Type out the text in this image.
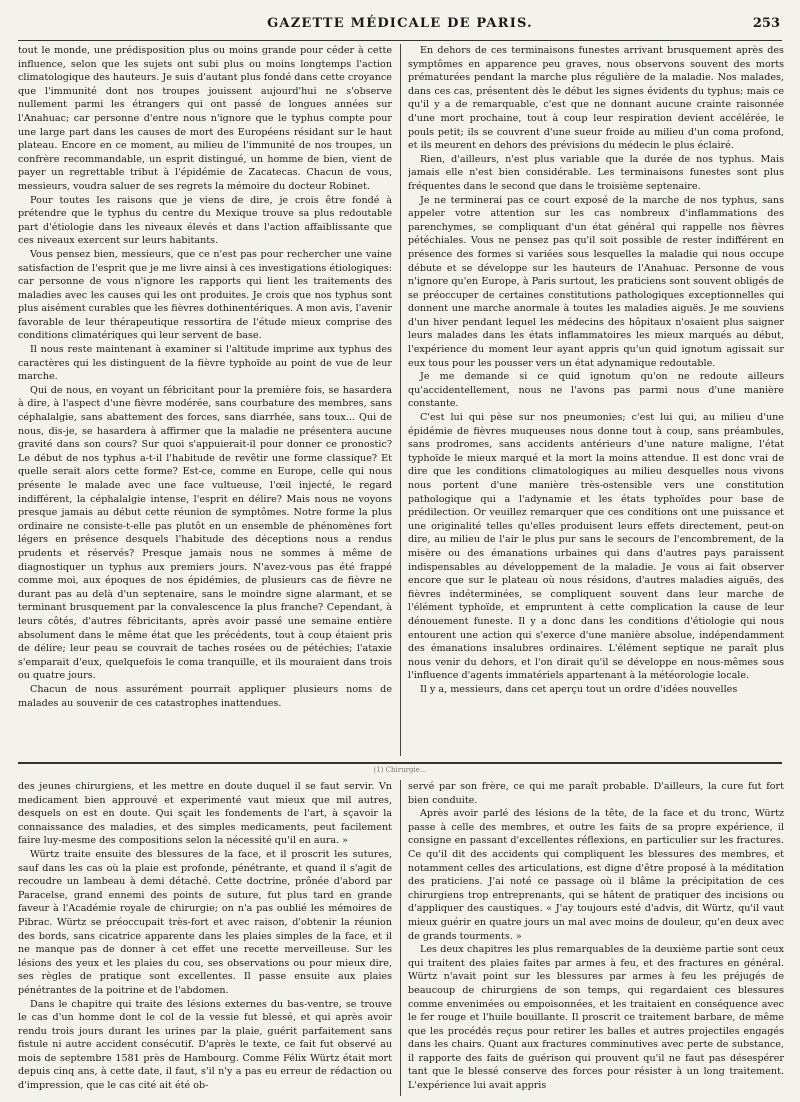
GAZETTE MÉDICALE DE PARIS.	253

tout le monde, une prédisposition plus ou moins grande pour céder à cette influence, selon que les sujets ont subi plus ou moins longtemps l'action climatologique des hauteurs. Je suis d'autant plus fondé dans cette croyance que l'immunité dont nos troupes jouissent aujourd'hui ne s'observe nullement parmi les étrangers qui ont passé de longues années sur l'Anahuac; car personne d'entre nous n'ignore que le typhus compte pour une large part dans les causes de mort des Européens résidant sur le haut plateau. Encore en ce moment, au milieu de l'immunité de nos troupes, un confrère recommandable, un esprit distingué, un homme de bien, vient de payer un regrettable tribut à l'épidémie de Zacatecas. Chacun de vous, messieurs, voudra saluer de ses regrets la mémoire du docteur Robinet.

Pour toutes les raisons que je viens de dire, je crois être fondé à prétendre que le typhus du centre du Mexique trouve sa plus redoutable part d'étiologie dans les niveaux élevés et dans l'action affaiblissante que ces niveaux exercent sur leurs habitants.

Vous pensez bien, messieurs, que ce n'est pas pour rechercher une vaine satisfaction de l'esprit que je me livre ainsi à ces investigations étiologiques: car personne de vous n'ignore les rapports qui lient les traitements des maladies avec les causes qui les ont produites. Je crois que nos typhus sont plus aisément curables que les fièvres dothinentériques. A mon avis, l'avenir favorable de leur thérapeutique ressortira de l'étude mieux comprise des conditions climatériques qui leur servent de base.

Il nous reste maintenant à examiner si l'altitude imprime aux typhus des caractères qui les distinguent de la fièvre typhoïde au point de vue de leur marche.

Qui de nous, en voyant un fébricitant pour la première fois, se hasardera à dire, à l'aspect d'une fièvre modérée, sans courbature des membres, sans céphalalgie, sans abattement des forces, sans diarrhée, sans toux... Qui de nous, dis-je, se hasardera à affirmer que la maladie ne présentera aucune gravité dans son cours? Sur quoi s'appuierait-il pour donner ce pronostic? Le début de nos typhus a-t-il l'habitude de revêtir une forme classique? Et quelle serait alors cette forme? Est-ce, comme en Europe, celle qui nous présente le malade avec une face vultueuse, l'œil injecté, le regard indifférent, la céphalalgie intense, l'esprit en délire? Mais nous ne voyons presque jamais au début cette réunion de symptômes. Notre forme la plus ordinaire ne consiste-t-elle pas plutôt en un ensemble de phénomènes fort légers en présence desquels l'habitude des déceptions nous a rendus prudents et réservés? Presque jamais nous ne sommes à même de diagnostiquer un typhus aux premiers jours. N'avez-vous pas été frappé comme moi, aux époques de nos épidémies, de plusieurs cas de fièvre ne durant pas au delà d'un septenaire, sans le moindre signe alarmant, et se terminant brusquement par la convalescence la plus franche? Cependant, à leurs côtés, d'autres fébricitants, après avoir passé une semaine entière absolument dans le même état que les précédents, tout à coup étaient pris de délire; leur peau se couvrait de taches rosées ou de pétéchies; l'ataxie s'emparait d'eux, quelquefois le coma tranquille, et ils mouraient dans trois ou quatre jours.

Chacun de nous assurément pourrait appliquer plusieurs noms de malades au souvenir de ces catastrophes inattendues.

En dehors de ces terminaisons funestes arrivant brusquement après des symptômes en apparence peu graves, nous observons souvent des morts prématurées pendant la marche plus régulière de la maladie. Nos malades, dans ces cas, présentent dès le début les signes évidents du typhus; mais ce qu'il y a de remarquable, c'est que ne donnant aucune crainte raisonnée d'une mort prochaine, tout à coup leur respiration devient accélérée, le pouls petit; ils se couvrent d'une sueur froide au milieu d'un coma profond, et ils meurent en dehors des prévisions du médecin le plus éclairé.

Rien, d'ailleurs, n'est plus variable que la durée de nos typhus. Mais jamais elle n'est bien considérable. Les terminaisons funestes sont plus fréquentes dans le second que dans le troisième septenaire.

Je ne terminerai pas ce court exposé de la marche de nos typhus, sans appeler votre attention sur les cas nombreux d'inflammations des parenchymes, se compliquant d'un état général qui rappelle nos fièvres pétéchiales. Vous ne pensez pas qu'il soit possible de rester indifférent en présence des formes si variées sous lesquelles la maladie qui nous occupe débute et se développe sur les hauteurs de l'Anahuac. Personne de vous n'ignore qu'en Europe, à Paris surtout, les praticiens sont souvent obligés de se préoccuper de certaines constitutions pathologiques exceptionnelles qui donnent une marche anormale à toutes les maladies aiguës. Je me souviens d'un hiver pendant lequel les médecins des hôpitaux n'osaient plus saigner leurs malades dans les états inflammatoires les mieux marqués au début, l'expérience du moment leur ayant appris qu'un quid ignotum agissait sur eux tous pour les pousser vers un état adynamique redoutable.

Je me demande si ce quid ignotum qu'on ne redoute ailleurs qu'accidentellement, nous ne l'avons pas parmi nous d'une manière constante.

C'est lui qui pèse sur nos pneumonies; c'est lui qui, au milieu d'une épidémie de fièvres muqueuses nous donne tout à coup, sans préambules, sans prodromes, sans accidents antérieurs d'une nature maligne, l'état typhoïde le mieux marqué et la mort la moins attendue. Il est donc vrai de dire que les conditions climatologiques au milieu desquelles nous vivons nous portent d'une manière très-ostensible vers une constitution pathologique qui a l'adynamie et les états typhoïdes pour base de prédilection. Or veuillez remarquer que ces conditions ont une puissance et une originalité telles qu'elles produisent leurs effets directement, peut-on dire, au milieu de l'air le plus pur sans le secours de l'encombrement, de la misère ou des émanations urbaines qui dans d'autres pays paraissent indispensables au développement de la maladie. Je vous ai fait observer encore que sur le plateau où nous résidons, d'autres maladies aiguës, des fièvres indéterminées, se compliquent souvent dans leur marche de l'élément typhoïde, et empruntent à cette complication la cause de leur dénouement funeste. Il y a donc dans les conditions d'étiologie qui nous entourent une action qui s'exerce d'une manière absolue, indépendamment des émanations insalubres ordinaires. L'élément septique ne paraît plus nous venir du dehors, et l'on dirait qu'il se développe en nous-mêmes sous l'influence d'agents immatériels appartenant à la météorologie locale.

Il y a, messieurs, dans cet aperçu tout un ordre d'idées nouvelles

(1) Chirurgie...

des jeunes chirurgiens, et les mettre en doute duquel il se faut servir. Vn medicament bien approuvé et experimenté vaut mieux que mil autres, desquels on est en doute. Qui sçait les fondements de l'art, à sçavoir la connaissance des maladies, et des simples medicaments, peut facilement faire luy-mesme des compositions selon la nécessité qu'il en aura. »

Würtz traite ensuite des blessures de la face, et il proscrit les sutures, sauf dans les cas où la plaie est profonde, pénétrante, et quand il s'agit de recoudre un lambeau à demi détaché. Cette doctrine, prônée d'abord par Paracelse, grand ennemi des points de suture, fut plus tard en grande faveur à l'Académie royale de chirurgie; on n'a pas oublié les mémoires de Pibrac. Würtz se préoccupait très-fort et avec raison, d'obtenir la réunion des bords, sans cicatrice apparente dans les plaies simples de la face, et il ne manque pas de donner à cet effet une recette merveilleuse. Sur les lésions des yeux et les plaies du cou, ses observations ou pour mieux dire, ses règles de pratique sont excellentes. Il passe ensuite aux plaies pénétrantes de la poitrine et de l'abdomen.

Dans le chapitre qui traite des lésions externes du bas-ventre, se trouve le cas d'un homme dont le col de la vessie fut blessé, et qui après avoir rendu trois jours durant les urines par la plaie, guérit parfaitement sans fistule ni autre accident consécutif. D'après le texte, ce fait fut observé au mois de septembre 1581 près de Hambourg. Comme Félix Würtz était mort depuis cinq ans, à cette date, il faut, s'il n'y a pas eu erreur de rédaction ou d'impression, que le cas cité ait été ob-

servé par son frère, ce qui me paraît probable. D'ailleurs, la cure fut fort bien conduite.

Après avoir parlé des lésions de la tête, de la face et du tronc, Würtz passe à celle des membres, et outre les faits de sa propre expérience, il consigne en passant d'excellentes réflexions, en particulier sur les fractures. Ce qu'il dit des accidents qui compliquent les blessures des membres, et notamment celles des articulations, est digne d'être proposé à la méditation des praticiens. J'ai noté ce passage où il blâme la précipitation de ces chirurgiens trop entreprenants, qui se hâtent de pratiquer des incisions ou d'appliquer des caustiques. « J'ay toujours esté d'advis, dit Würtz, qu'il vaut mieux guérir en quatre jours un mal avec moins de douleur, qu'en deux avec de grands tourments. »

Les deux chapitres les plus remarquables de la deuxième partie sont ceux qui traitent des plaies faites par armes à feu, et des fractures en général. Würtz n'avait point sur les blessures par armes à feu les préjugés de beaucoup de chirurgiens de son temps, qui regardaient ces blessures comme envenimées ou empoisonnées, et les traitaient en conséquence avec le fer rouge et l'huile bouillante. Il proscrit ce traitement barbare, de même que les procédés reçus pour retirer les balles et autres projectiles engagés dans les chairs. Quant aux fractures comminutives avec perte de substance, il rapporte des faits de guérison qui prouvent qu'il ne faut pas désespérer tant que le blessé conserve des forces pour résister à un long traitement. L'expérience lui avait appris
